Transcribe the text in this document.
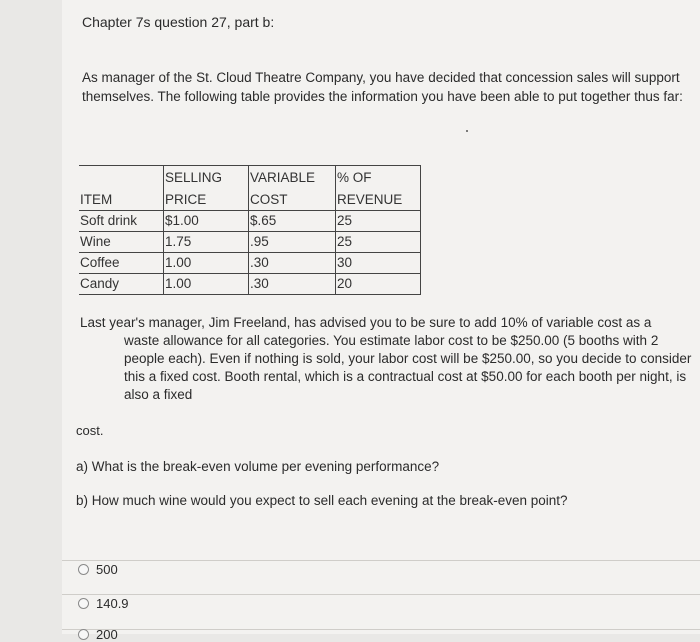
Chapter 7s question 27, part b:
As manager of the St. Cloud Theatre Company, you have decided that concession sales will support themselves. The following table provides the information you have been able to put together thus far:
	SELLING	VARIABLE	% OF
ITEM	PRICE	COST	REVENUE
Soft drink	$1.00	$.65	25
Wine	1.75	.95	25
Coffee	1.00	.30	30
Candy	1.00	.30	20
Last year's manager, Jim Freeland, has advised you to be sure to add 10% of variable cost as a
waste allowance for all categories. You estimate labor cost to be $250.00 (5 booths with 2 people each). Even if nothing is sold, your labor cost will be $250.00, so you decide to consider this a fixed cost. Booth rental, which is a contractual cost at $50.00 for each booth per night, is also a fixed
cost.
a) What is the break-even volume per evening performance?
b) How much wine would you expect to sell each evening at the break-even point?
500
140.9
200
